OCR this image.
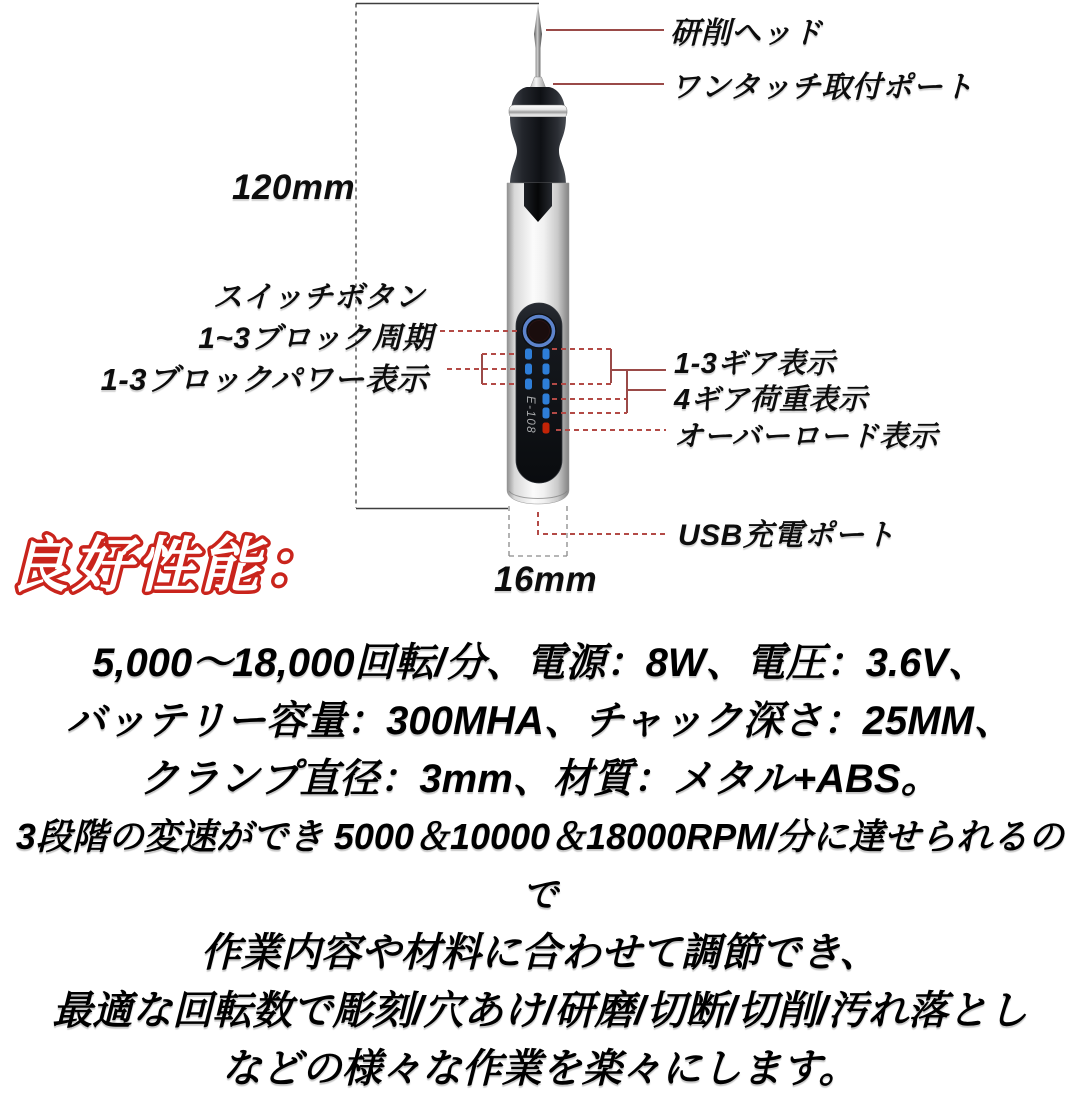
E-108
研削ヘッド
ワンタッチ取付ポート
120mm
スイッチボタン
1~3ブロック周期
1-3ブロックパワー表示	1-3ギア表示
4ギア荷重表示
オーバーロード表示
USB充電ポート
16mm
良好性能：
5,000～18,000回転/分、電源：8W、電圧：3.6V、
バッテリー容量：300MHA、チャック深さ：25MM、
クランプ直径：3mm、材質：メタル+ABS。
3段階の変速ができ 5000＆10000＆18000RPM/分に達せられるので
作業内容や材料に合わせて調節でき、
最適な回転数で彫刻/穴あけ/研磨/切断/切削/汚れ落とし
などの様々な作業を楽々にします。
